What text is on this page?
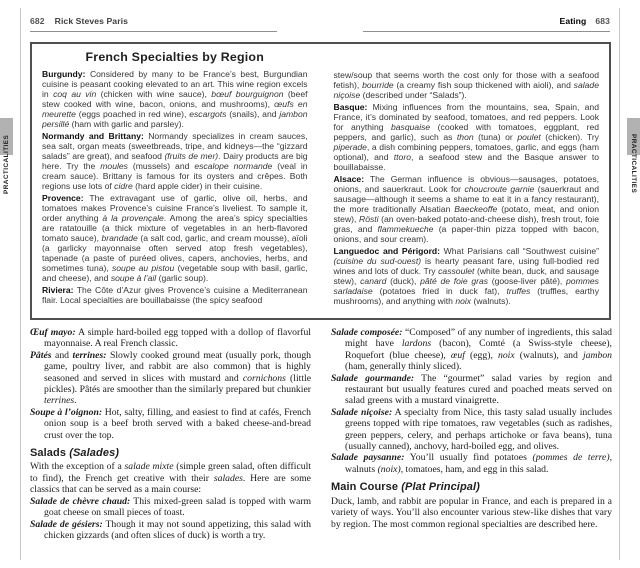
682 Rick Steves Paris	Eating 683
PRACTICALITIES	PRACTICALITIES
French Specialties by Region

Burgundy: Considered by many to be France’s best, Burgundian cuisine is peasant cooking elevated to an art. This wine region excels in coq au vin (chicken with wine sauce), bœuf bourguignon (beef stew cooked with wine, bacon, onions, and mushrooms), œufs en meurette (eggs poached in red wine), escargots (snails), and jambon persillé (ham with garlic and parsley).

Normandy and Brittany: Normandy specializes in cream sauces, sea salt, organ meats (sweetbreads, tripe, and kidneys—the “gizzard salads” are great), and seafood (fruits de mer). Dairy products are big here. Try the moules (mussels) and escalope normande (veal in cream sauce). Brittany is famous for its oysters and crêpes. Both regions use lots of cidre (hard apple cider) in their cuisine.

Provence: The extravagant use of garlic, olive oil, herbs, and tomatoes makes Provence’s cuisine France’s liveliest. To sample it, order anything à la provençale. Among the area’s spicy specialties are ratatouille (a thick mixture of vegetables in an herb-flavored tomato sauce), brandade (a salt cod, garlic, and cream mousse), aïoli (a garlicky mayonnaise often served atop fresh vegetables), tapenade (a paste of puréed olives, capers, anchovies, herbs, and sometimes tuna), soupe au pistou (vegetable soup with basil, garlic, and cheese), and soupe à l’ail (garlic soup).

Riviera: The Côte d’Azur gives Provence’s cuisine a Mediterranean flair. Local specialties are bouillabaisse (the spicy seafood

stew/soup that seems worth the cost only for those with a seafood fetish), bourride (a creamy fish soup thickened with aioli), and salade niçoise (described under “Salads”).

Basque: Mixing influences from the mountains, sea, Spain, and France, it’s dominated by seafood, tomatoes, and red peppers. Look for anything basquaise (cooked with tomatoes, eggplant, red peppers, and garlic), such as thon (tuna) or poulet (chicken). Try piperade, a dish combining peppers, tomatoes, garlic, and eggs (ham optional), and ttoro, a seafood stew and the Basque answer to bouillabaisse.

Alsace: The German influence is obvious—sausages, potatoes, onions, and sauerkraut. Look for choucroute garnie (sauerkraut and sausage—although it seems a shame to eat it in a fancy restaurant), the more traditionally Alsatian Baeckeoffe (potato, meat, and onion stew), Rösti (an oven-baked potato-and-cheese dish), fresh trout, foie gras, and flammekueche (a paper-thin pizza topped with bacon, onions, and sour cream).

Languedoc and Périgord: What Parisians call “Southwest cuisine” (cuisine du sud-ouest) is hearty peasant fare, using full-bodied red wines and lots of duck. Try cassoulet (white bean, duck, and sausage stew), canard (duck), pâté de foie gras (goose-liver pâté), pommes sarladaise (potatoes fried in duck fat), truffes (truffles, earthy mushrooms), and anything with noix (walnuts).

Œuf mayo: A simple hard-boiled egg topped with a dollop of flavorful mayonnaise. A real French classic.

Pâtés and terrines: Slowly cooked ground meat (usually pork, though game, poultry liver, and rabbit are also common) that is highly seasoned and served in slices with mustard and cornichons (little pickles). Pâtés are smoother than the similarly prepared but chunkier terrines.

Soupe à l’oignon: Hot, salty, filling, and easiest to find at cafés, French onion soup is a beef broth served with a baked cheese-and-bread crust over the top.

Salads (Salades)

With the exception of a salade mixte (simple green salad, often difficult to find), the French get creative with their salades. Here are some classics that can be served as a main course:

Salade de chèvre chaud: This mixed-green salad is topped with warm goat cheese on small pieces of toast.

Salade de gésiers: Though it may not sound appetizing, this salad with chicken gizzards (and often slices of duck) is worth a try.

Salade composée: “Composed” of any number of ingredients, this salad might have lardons (bacon), Comté (a Swiss-style cheese), Roquefort (blue cheese), œuf (egg), noix (walnuts), and jambon (ham, generally thinly sliced).

Salade gourmande: The “gourmet” salad varies by region and restaurant but usually features cured and poached meats served on salad greens with a mustard vinaigrette.

Salade niçoise: A specialty from Nice, this tasty salad usually includes greens topped with ripe tomatoes, raw vegetables (such as radishes, green peppers, celery, and perhaps artichoke or fava beans), tuna (usually canned), anchovy, hard-boiled egg, and olives.

Salade paysanne: You’ll usually find potatoes (pommes de terre), walnuts (noix), tomatoes, ham, and egg in this salad.

Main Course (Plat Principal)

Duck, lamb, and rabbit are popular in France, and each is prepared in a variety of ways. You’ll also encounter various stew-like dishes that vary by region. The most common regional specialties are described here.
